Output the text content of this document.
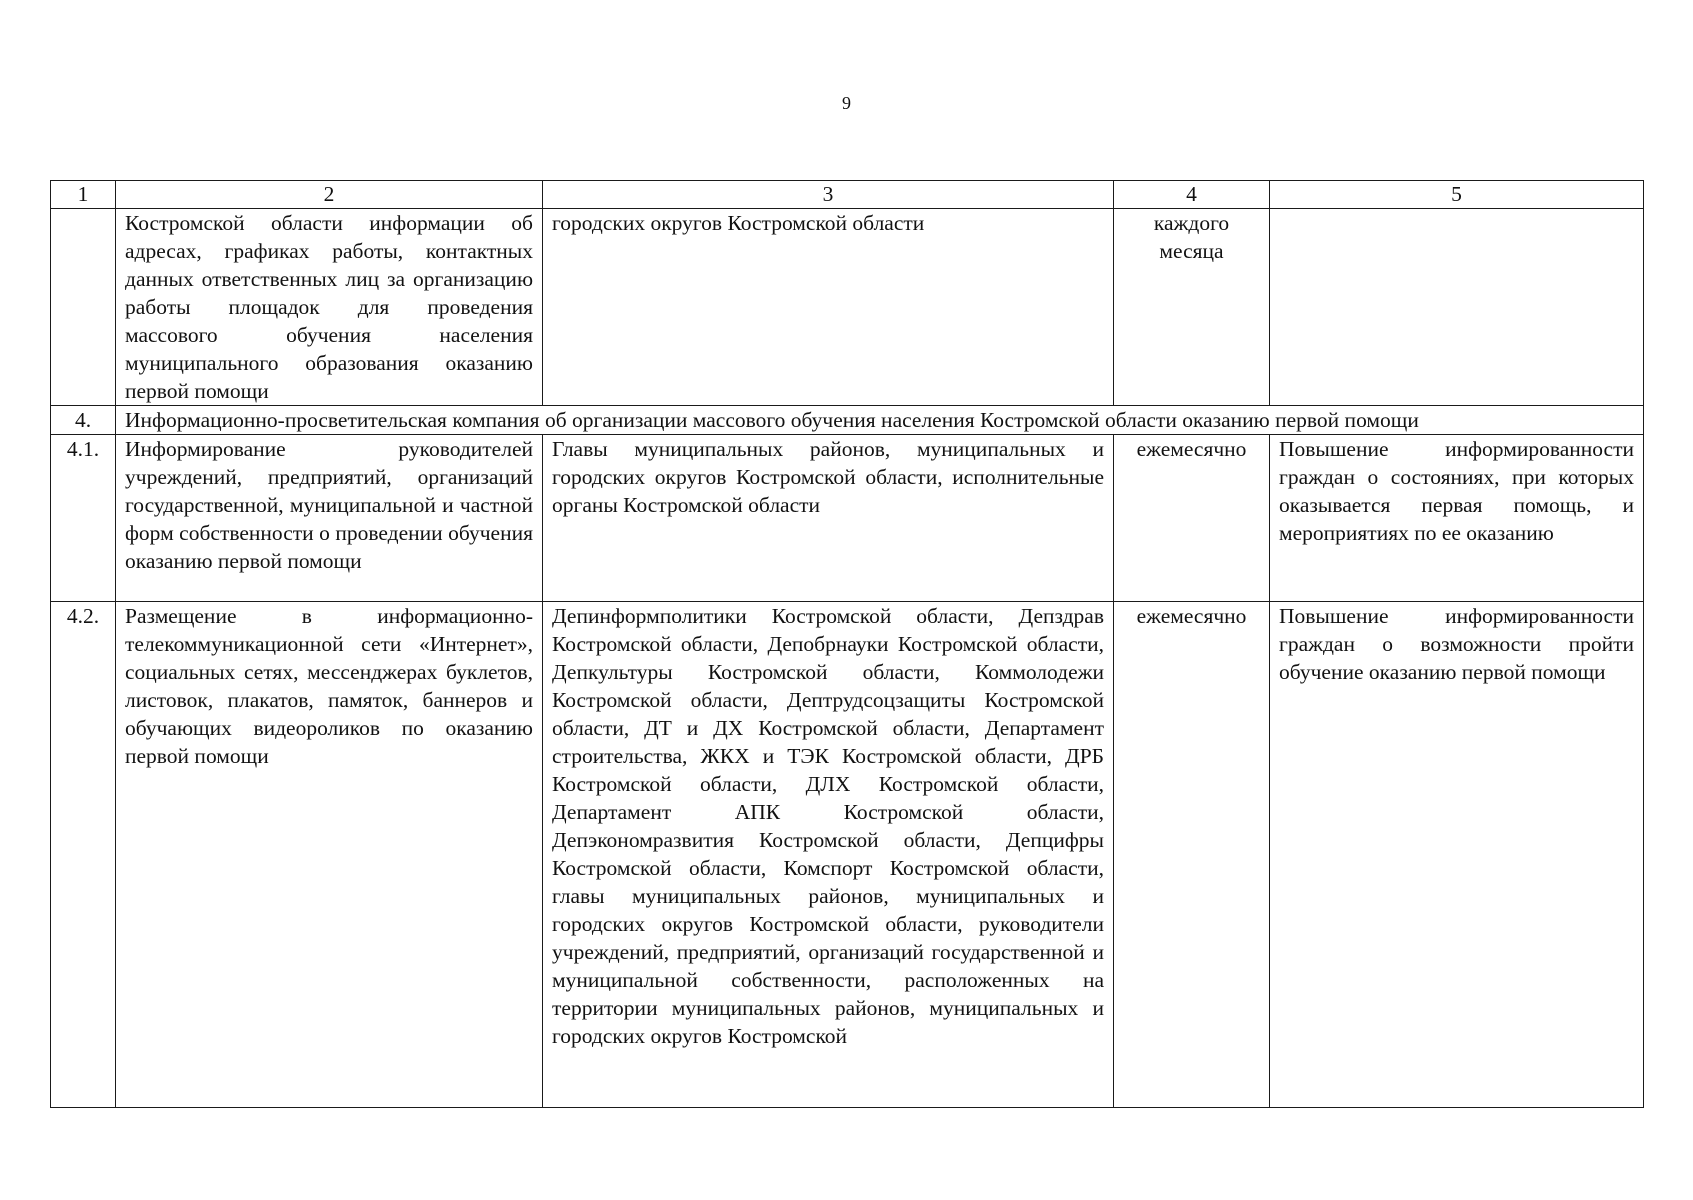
9
1	2	3	4	5
	Костромской области информации об адресах, графиках работы, контактных данных ответственных лиц за организацию работы площадок для проведения массового обучения населения муниципального образования оказанию первой помощи	городских округов Костромской области	каждого месяца	
4.	Информационно-просветительская компания об организации массового обучения населения Костромской области оказанию первой помощи			
4.1.	Информирование руководителей учреждений, предприятий, организаций государственной, муниципальной и частной форм собственности о проведении обучения оказанию первой помощи	Главы муниципальных районов, муниципальных и городских округов Костромской области, исполнительные органы Костромской области	ежемесячно	Повышение информированности граждан о состояниях, при которых оказывается первая помощь, и мероприятиях по ее оказанию
4.2.	Размещение в информационно-телекоммуникационной сети «Интернет», социальных сетях, мессенджерах буклетов, листовок, плакатов, памяток, баннеров и обучающих видеороликов по оказанию первой помощи	Депинформполитики Костромской области, Депздрав Костромской области, Депобрнауки Костромской области, Депкультуры Костромской области, Коммолодежи Костромской области, Дептрудсоцзащиты Костромской области, ДТ и ДХ Костромской области, Департамент строительства, ЖКХ и ТЭК Костромской области, ДРБ Костромской области, ДЛХ Костромской области, Департамент АПК Костромской области, Депэкономразвития Костромской области, Депцифры Костромской области, Комспорт Костромской области, главы муниципальных районов, муниципальных и городских округов Костромской области, руководители учреждений, предприятий, организаций государственной и муниципальной собственности, расположенных на территории муниципальных районов, муниципальных и городских округов Костромской	ежемесячно	Повышение информированности граждан о возможности пройти обучение оказанию первой помощи
